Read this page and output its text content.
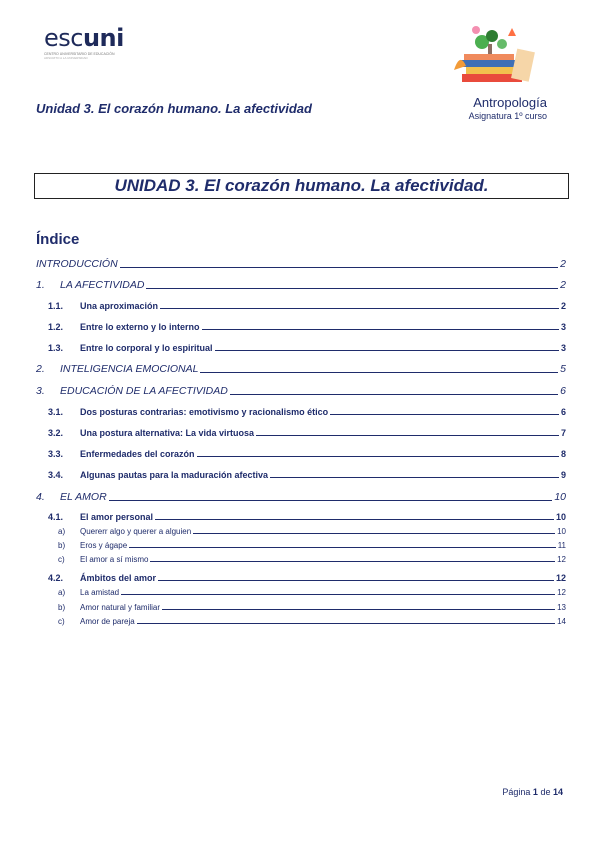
escuni
CENTRO UNIVERSITARIO DE EDUCACIÓN
ADSCRITO A LA UNIVERSIDAD
Unidad 3. El corazón humano. La afectividad	Antropología
Asignatura 1º curso
UNIDAD 3. El corazón humano. La afectividad.
Índice
INTRODUCCIÓN	2
1.	LA AFECTIVIDAD	2
1.1.	Una aproximación	2
1.2.	Entre lo externo y lo interno	3
1.3.	Entre lo corporal y lo espiritual	3
2.	INTELIGENCIA EMOCIONAL	5
3.	EDUCACIÓN DE LA AFECTIVIDAD	6
3.1.	Dos posturas contrarias: emotivismo y racionalismo ético	6
3.2.	Una postura alternativa: La vida virtuosa	7
3.3.	Enfermedades del corazón	8
3.4.	Algunas pautas para la maduración afectiva	9
4.	EL AMOR	10
4.1.	El amor personal	10
a)	Quererr algo y querer a alguien	10
b)	Eros y ágape	11
c)	El amor a sí mismo	12
4.2.	Ámbitos del amor	12
a)	La amistad	12
b)	Amor natural y familiar	13
c)	Amor de pareja	14
Página 1 de 14
